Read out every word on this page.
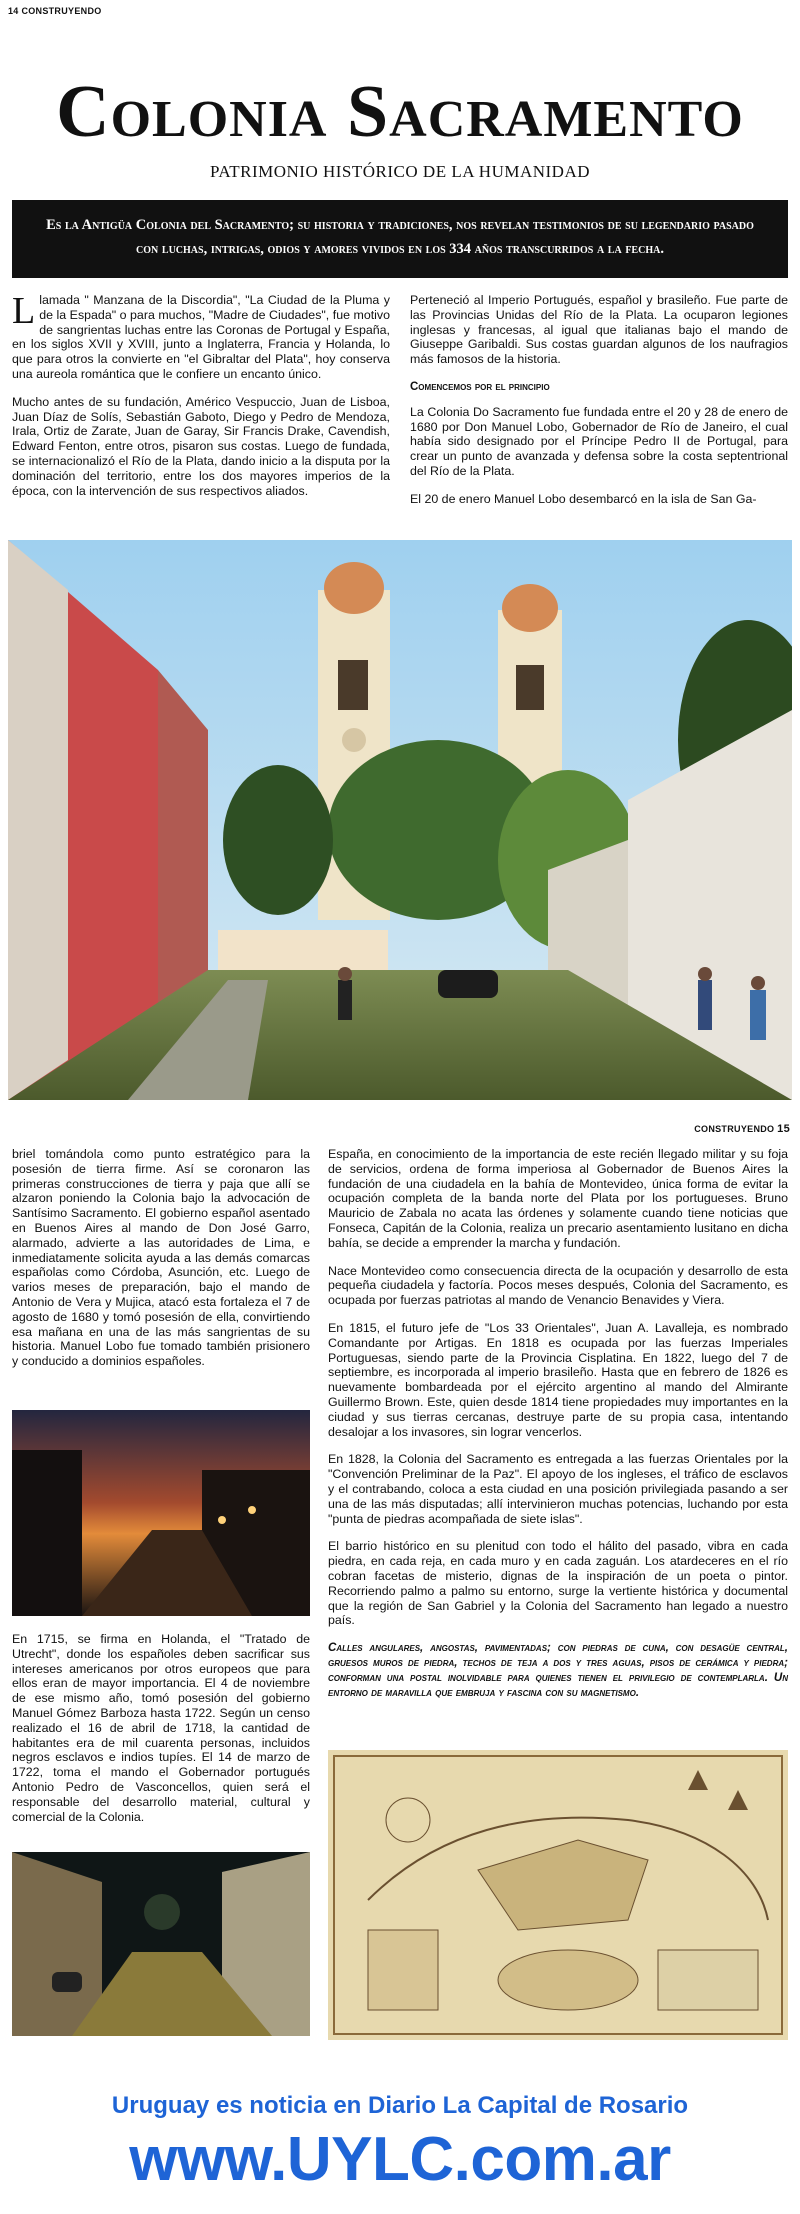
14 CONSTRUYENDO
Colonia Sacramento
PATRIMONIO HISTÓRICO DE LA HUMANIDAD
Es la Antigüa Colonia del Sacramento; su historia y tradiciones, nos revelan testimonios de su legendario pasado con luchas, intrigas, odios y amores vividos en los 334 años transcurridos a la fecha.

Llamada " Manzana de la Discordia", "La Ciudad de la Pluma y de la Espada" o para muchos, "Madre de Ciudades", fue motivo de sangrientas luchas entre las Coronas de Portugal y España, en los siglos XVII y XVIII, junto a Inglaterra, Francia y Holanda, lo que para otros la convierte en "el Gibraltar del Plata", hoy conserva una aureola romántica que le confiere un encanto único.

Mucho antes de su fundación, Américo Vespuccio, Juan de Lisboa, Juan Díaz de Solís, Sebastián Gaboto, Diego y Pedro de Mendoza, Irala, Ortiz de Zarate, Juan de Garay, Sir Francis Drake, Cavendish, Edward Fenton, entre otros, pisaron sus costas. Luego de fundada, se internacionalizó el Río de la Plata, dando inicio a la disputa por la dominación del territorio, entre los dos mayores imperios de la época, con la intervención de sus respectivos aliados.

Perteneció al Imperio Portugués, español y brasileño. Fue parte de las Provincias Unidas del Río de la Plata. La ocuparon legiones inglesas y francesas, al igual que italianas bajo el mando de Giuseppe Garibaldi. Sus costas guardan algunos de los naufragios más famosos de la historia.

Comencemos por el principio

La Colonia Do Sacramento fue fundada entre el 20 y 28 de enero de 1680 por Don Manuel Lobo, Gobernador de Río de Janeiro, el cual había sido designado por el Príncipe Pedro II de Portugal, para crear un punto de avanzada y defensa sobre la costa septentrional del Río de la Plata.

El 20 de enero Manuel Lobo desembarcó en la isla de San Ga-

CONSTRUYENDO 15

briel tomándola como punto estratégico para la posesión de tierra firme. Así se coronaron las primeras construcciones de tierra y paja que allí se alzaron poniendo la Colonia bajo la advocación de Santísimo Sacramento. El gobierno español asentado en Buenos Aires al mando de Don José Garro, alarmado, advierte a las autoridades de Lima, e inmediatamente solicita ayuda a las demás comarcas españolas como Córdoba, Asunción, etc. Luego de varios meses de preparación, bajo el mando de Antonio de Vera y Mujica, atacó esta fortaleza el 7 de agosto de 1680 y tomó posesión de ella, convirtiendo esa mañana en una de las más sangrientas de su historia. Manuel Lobo fue tomado también prisionero y conducido a dominios españoles.

En 1715, se firma en Holanda, el "Tratado de Utrecht", donde los españoles deben sacrificar sus intereses americanos por otros europeos que para ellos eran de mayor importancia. El 4 de noviembre de ese mismo año, tomó posesión del gobierno Manuel Gómez Barboza hasta 1722. Según un censo realizado el 16 de abril de 1718, la cantidad de habitantes era de mil cuarenta personas, incluidos negros esclavos e indios tupíes. El 14 de marzo de 1722, toma el mando el Gobernador portugués Antonio Pedro de Vasconcellos, quien será el responsable del desarrollo material, cultural y comercial de la Colonia.

España, en conocimiento de la importancia de este recién llegado militar y su foja de servicios, ordena de forma imperiosa al Gobernador de Buenos Aires la fundación de una ciudadela en la bahía de Montevideo, única forma de evitar la ocupación completa de la banda norte del Plata por los portugueses. Bruno Mauricio de Zabala no acata las órdenes y solamente cuando tiene noticias que Fonseca, Capitán de la Colonia, realiza un precario asentamiento lusitano en dicha bahía, se decide a emprender la marcha y fundación.

Nace Montevideo como consecuencia directa de la ocupación y desarrollo de esta pequeña ciudadela y factoría. Pocos meses después, Colonia del Sacramento, es ocupada por fuerzas patriotas al mando de Venancio Benavides y Viera.

En 1815, el futuro jefe de "Los 33 Orientales", Juan A. Lavalleja, es nombrado Comandante por Artigas. En 1818 es ocupada por las fuerzas Imperiales Portuguesas, siendo parte de la Provincia Cisplatina. En 1822, luego del 7 de septiembre, es incorporada al imperio brasileño. Hasta que en febrero de 1826 es nuevamente bombardeada por el ejército argentino al mando del Almirante Guillermo Brown. Este, quien desde 1814 tiene propiedades muy importantes en la ciudad y sus tierras cercanas, destruye parte de su propia casa, intentando desalojar a los invasores, sin lograr vencerlos.

En 1828, la Colonia del Sacramento es entregada a las fuerzas Orientales por la "Convención Preliminar de la Paz". El apoyo de los ingleses, el tráfico de esclavos y el contrabando, coloca a esta ciudad en una posición privilegiada pasando a ser una de las más disputadas; allí intervinieron muchas potencias, luchando por esta "punta de piedras acompañada de siete islas".

El barrio histórico en su plenitud con todo el hálito del pasado, vibra en cada piedra, en cada reja, en cada muro y en cada zaguán. Los atardeceres en el río cobran facetas de misterio, dignas de la inspiración de un poeta o pintor. Recorriendo palmo a palmo su entorno, surge la vertiente histórica y documental que la región de San Gabriel y la Colonia del Sacramento han legado a nuestro país.

Calles angulares, angostas, pavimentadas; con piedras de cuna, con desagüe central, gruesos muros de piedra, techos de teja a dos y tres aguas, pisos de cerámica y piedra; conforman una postal inolvidable para quienes tienen el privilegio de contemplarla. Un entorno de maravilla que embruja y fascina con su magnetismo.

Uruguay es noticia en Diario La Capital de Rosario
www.UYLC.com.ar
